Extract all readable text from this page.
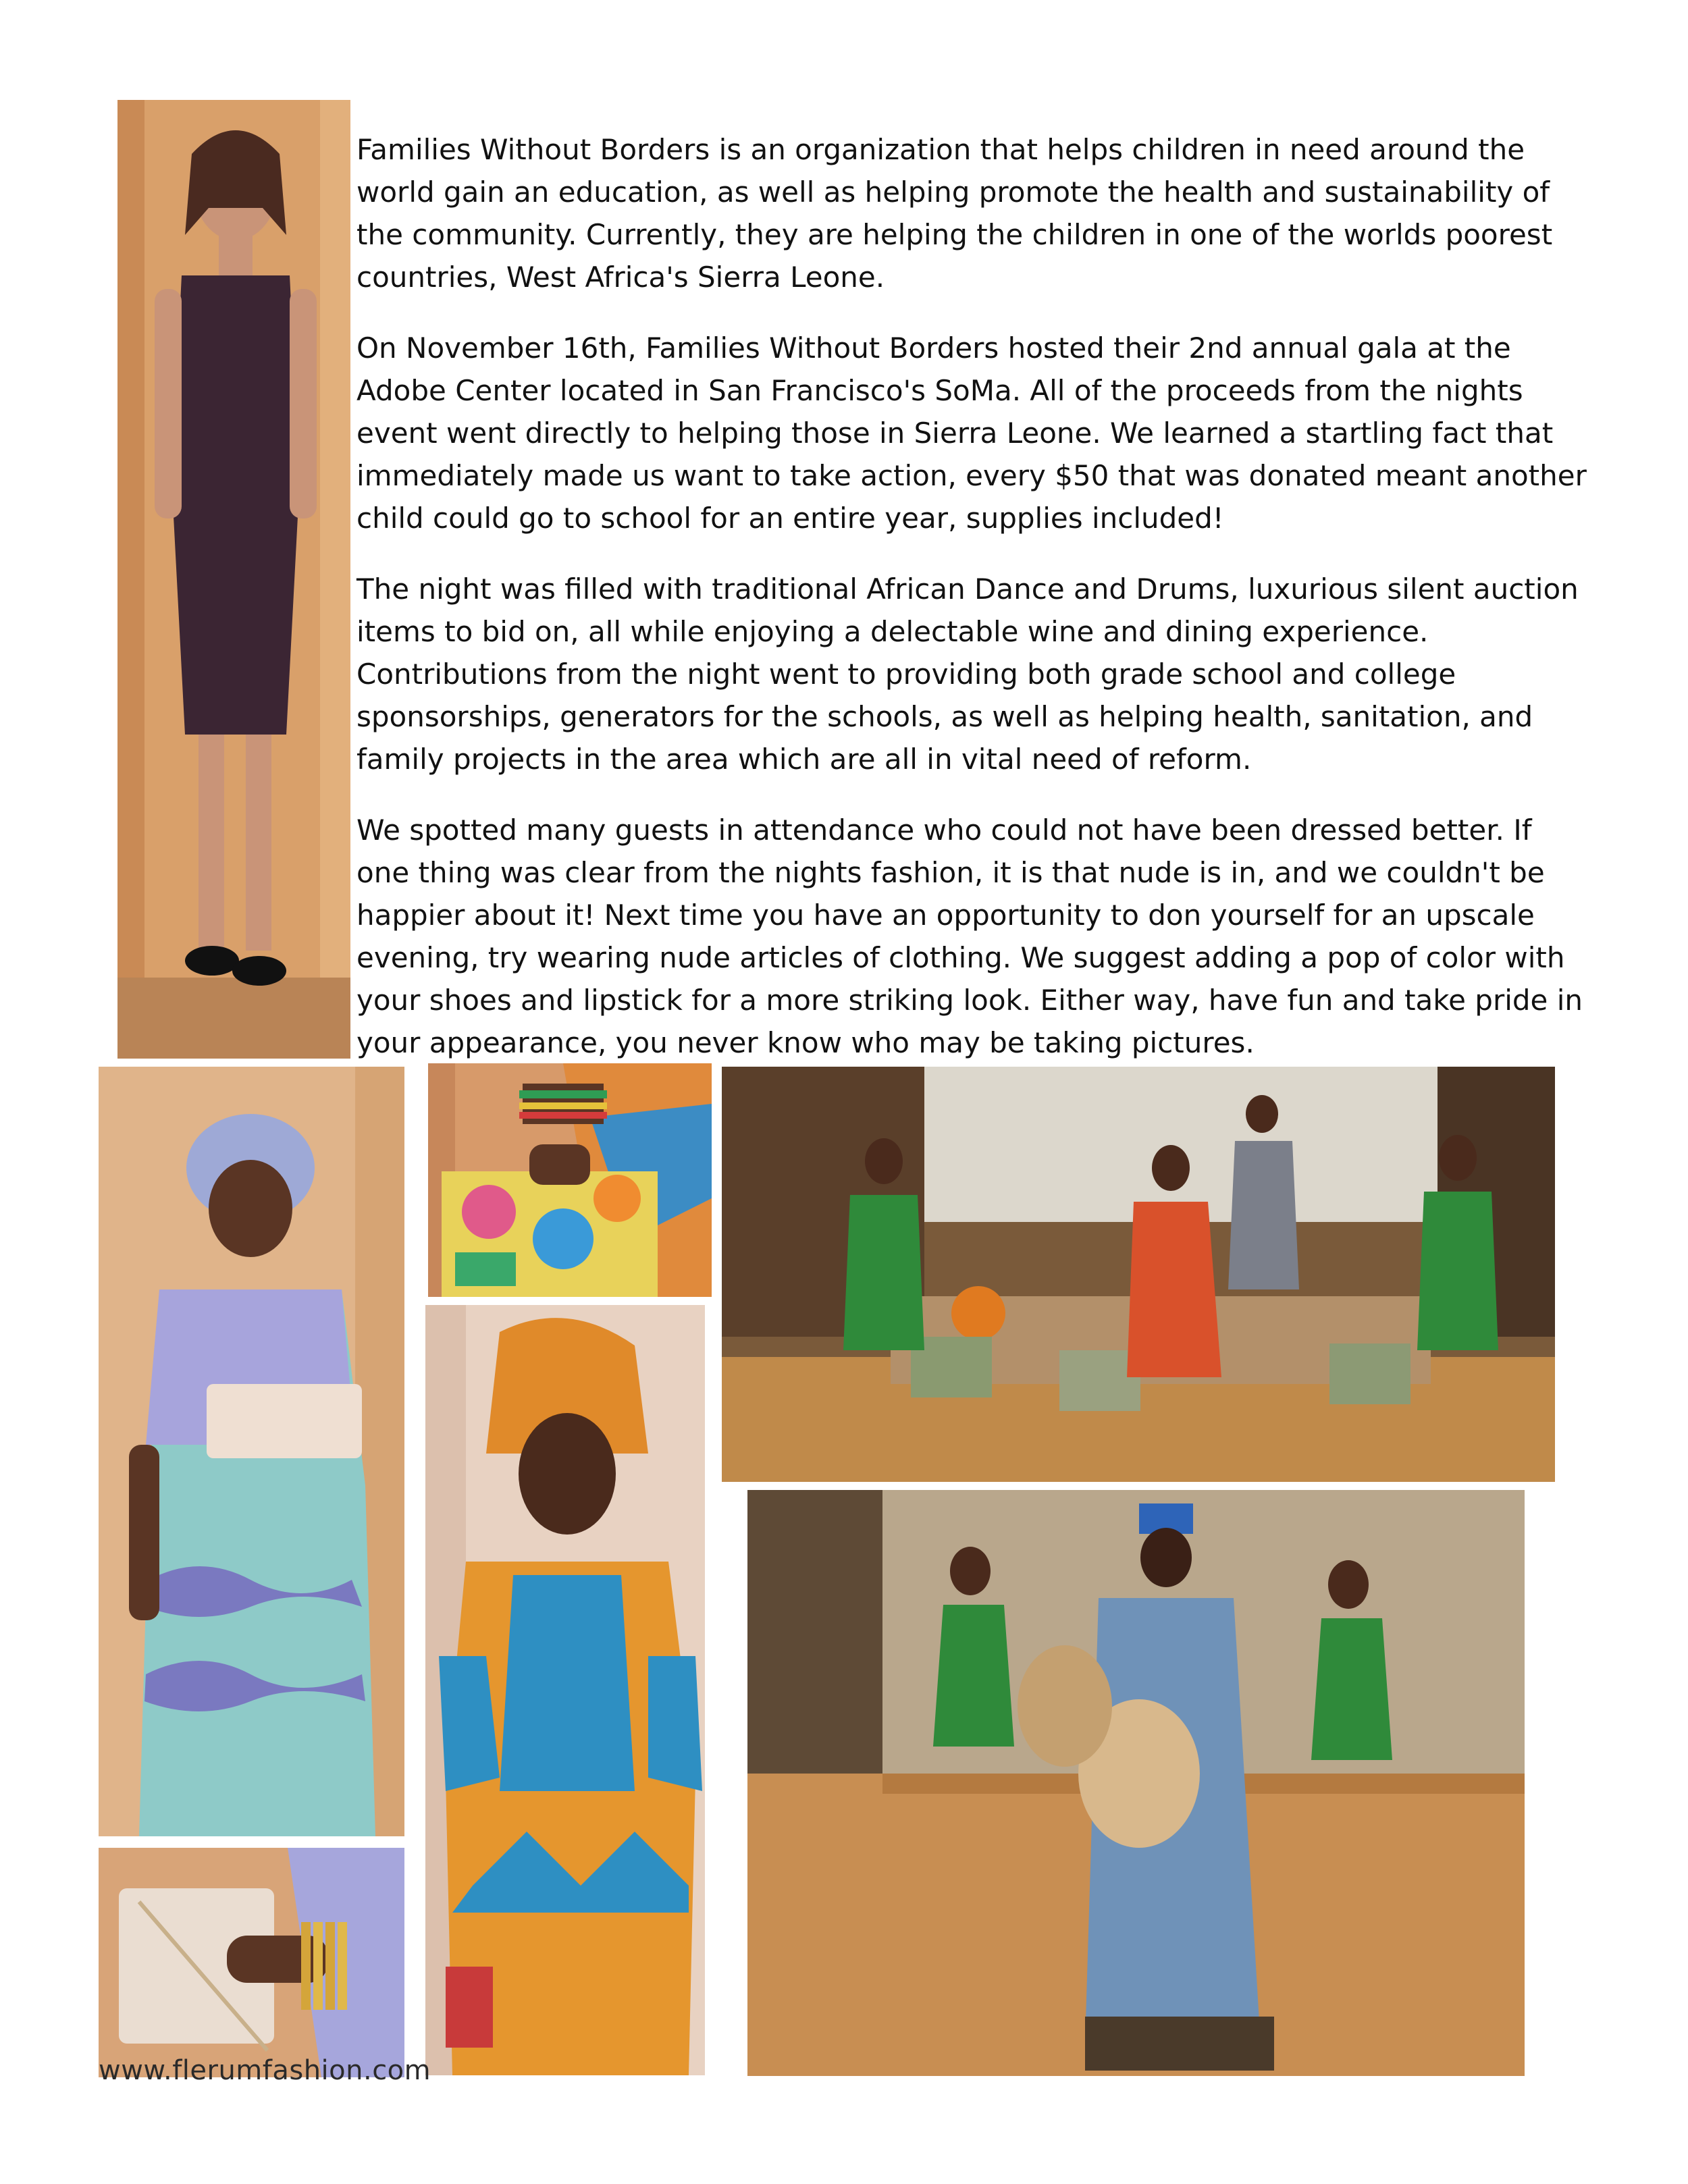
Families Without Borders is an organization that helps children in need around the world gain an education, as well as helping promote the health and sustainability of the community. Currently, they are helping the children in one of the worlds poorest countries, West Africa's Sierra Leone.

On November 16th, Families Without Borders hosted their 2nd annual gala at the Adobe Center located in San Francisco's SoMa. All of the proceeds from the nights event went directly to helping those in Sierra Leone. We learned a startling fact that immediately made us want to take action, every $50 that was donated meant another child could go to school for an entire year, supplies included!

The night was filled with traditional African Dance and Drums, luxurious silent auction items to bid on, all while enjoying a delectable wine and dining experience. Contributions from the night went to providing both grade school and college sponsorships, generators for the schools, as well as helping health, sanitation, and family projects in the area which are all in vital need of reform.

We spotted many guests in attendance who could not have been dressed better. If one thing was clear from the nights fashion, it is that nude is in, and we couldn't be happier about it! Next time you have an opportunity to don yourself for an upscale evening, try wearing nude articles of clothing. We suggest adding a pop of color with your shoes and lipstick for a more striking look. Either way, have fun and take pride in your appearance, you never know who may be taking pictures.

www.flerumfashion.com
